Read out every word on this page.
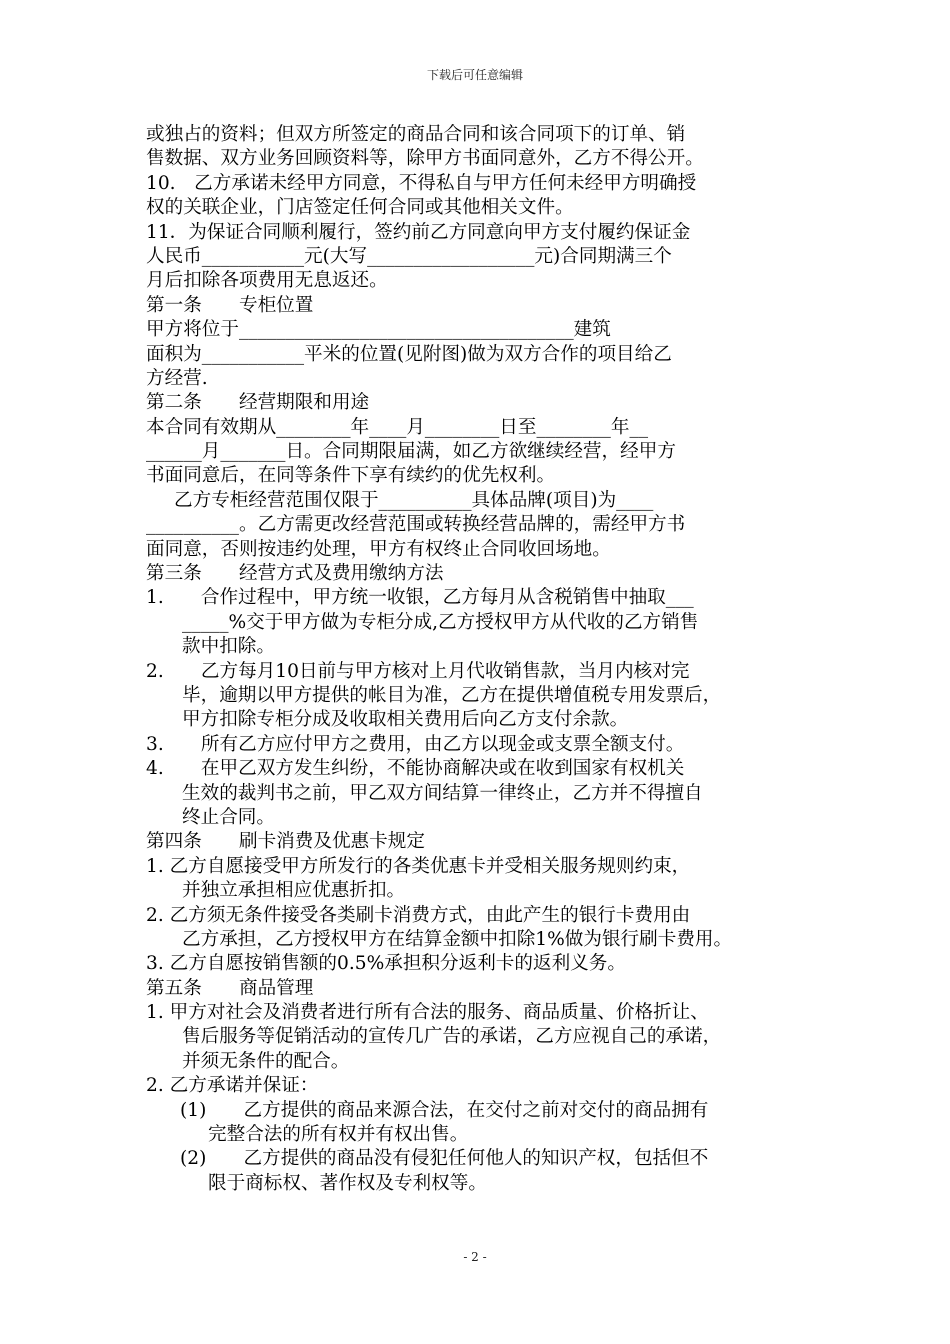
下载后可任意编辑
或独占的资料；但双方所签定的商品合同和该合同项下的订单、销
售数据、双方业务回顾资料等，除甲方书面同意外，乙方不得公开。
10.　乙方承诺未经甲方同意，不得私自与甲方任何未经甲方明确授
权的关联企业，门店签定任何合同或其他相关文件。
11．为保证合同顺利履行，签约前乙方同意向甲方支付履约保证金
人民币___________元(大写__________________元)合同期满三个
月后扣除各项费用无息返还。
第一条　　专柜位置
甲方将位于____________________________________建筑
面积为___________平米的位置(见附图)做为双方合作的项目给乙
方经营.
第二条　　经营期限和用途
本合同有效期从________年____月________日至________年__
______月_______日。合同期限届满，如乙方欲继续经营，经甲方
书面同意后，在同等条件下享有续约的优先权利。
乙方专柜经营范围仅限于__________具体品牌(项目)为____
__________。乙方需更改经营范围或转换经营品牌的，需经甲方书
面同意，否则按违约处理，甲方有权终止合同收回场地。
第三条　　经营方式及费用缴纳方法
1.　　合作过程中，甲方统一收银，乙方每月从含税销售中抽取___
_____%交于甲方做为专柜分成,乙方授权甲方从代收的乙方销售
款中扣除。
2.　　乙方每月10日前与甲方核对上月代收销售款，当月内核对完
毕，逾期以甲方提供的帐目为准，乙方在提供增值税专用发票后，
甲方扣除专柜分成及收取相关费用后向乙方支付余款。
3.　　所有乙方应付甲方之费用，由乙方以现金或支票全额支付。
4.　　在甲乙双方发生纠纷，不能协商解决或在收到国家有权机关
生效的裁判书之前，甲乙双方间结算一律终止，乙方并不得擅自
终止合同。
第四条　　刷卡消费及优惠卡规定
1. 乙方自愿接受甲方所发行的各类优惠卡并受相关服务规则约束，
并独立承担相应优惠折扣。
2. 乙方须无条件接受各类刷卡消费方式，由此产生的银行卡费用由
乙方承担，乙方授权甲方在结算金额中扣除1%做为银行刷卡费用。
3. 乙方自愿按销售额的0.5%承担积分返利卡的返利义务。
第五条　　商品管理
1. 甲方对社会及消费者进行所有合法的服务、商品质量、价格折让、
售后服务等促销活动的宣传几广告的承诺，乙方应视自己的承诺，
并须无条件的配合。
2. 乙方承诺并保证：
(1)　　乙方提供的商品来源合法，在交付之前对交付的商品拥有
完整合法的所有权并有权出售。
(2)　　乙方提供的商品没有侵犯任何他人的知识产权，包括但不
限于商标权、著作权及专利权等。
- 2 -
